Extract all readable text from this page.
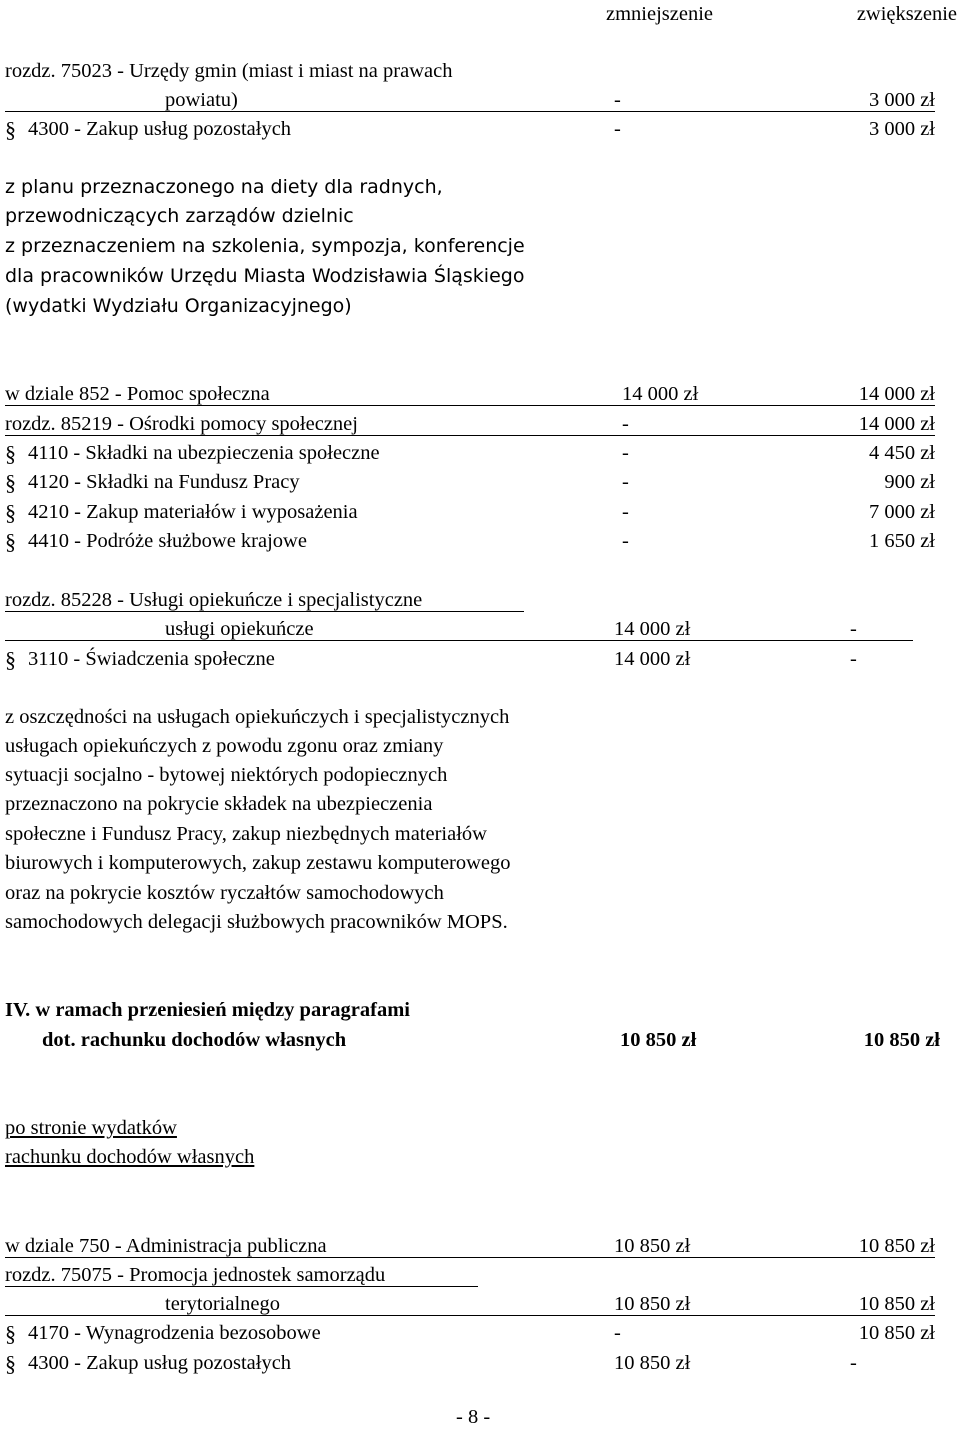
zmniejszenie	zwiększenie
rozdz. 75023 - Urzędy gmin (miast i miast na prawach
powiatu)	-	3 000 zł
§ 4300 - Zakup usług pozostałych	-	3 000 zł
z planu przeznaczonego na diety dla radnych,
przewodniczących zarządów dzielnic
z przeznaczeniem na szkolenia, sympozja, konferencje
dla pracowników Urzędu Miasta Wodzisławia Śląskiego
(wydatki Wydziału Organizacyjnego)
w dziale 852 - Pomoc społeczna	14 000 zł	14 000 zł
rozdz. 85219 - Ośrodki pomocy społecznej	-	14 000 zł
§ 4110 - Składki na ubezpieczenia społeczne	-	4 450 zł
§ 4120 - Składki na Fundusz Pracy	-	900 zł
§ 4210 - Zakup materiałów i wyposażenia	-	7 000 zł
§ 4410 - Podróże służbowe krajowe	-	1 650 zł
rozdz. 85228 - Usługi opiekuńcze i specjalistyczne
usługi opiekuńcze	14 000 zł	-
§ 3110 - Świadczenia społeczne	14 000 zł	-
z oszczędności na usługach opiekuńczych i specjalistycznych
usługach opiekuńczych z powodu zgonu oraz zmiany
sytuacji socjalno - bytowej niektórych podopiecznych
przeznaczono na pokrycie składek na ubezpieczenia
społeczne i Fundusz Pracy, zakup niezbędnych materiałów
biurowych i komputerowych, zakup zestawu komputerowego
oraz na pokrycie kosztów ryczałtów samochodowych
samochodowych delegacji służbowych pracowników MOPS.
IV. w ramach przeniesień między paragrafami
dot. rachunku dochodów własnych	10 850 zł	10 850 zł
po stronie wydatków
rachunku dochodów własnych
w dziale 750 - Administracja publiczna	10 850 zł	10 850 zł
rozdz. 75075 - Promocja jednostek samorządu
terytorialnego	10 850 zł	10 850 zł
§ 4170 - Wynagrodzenia bezosobowe	-	10 850 zł
§ 4300 - Zakup usług pozostałych	10 850 zł	-
- 8 -
